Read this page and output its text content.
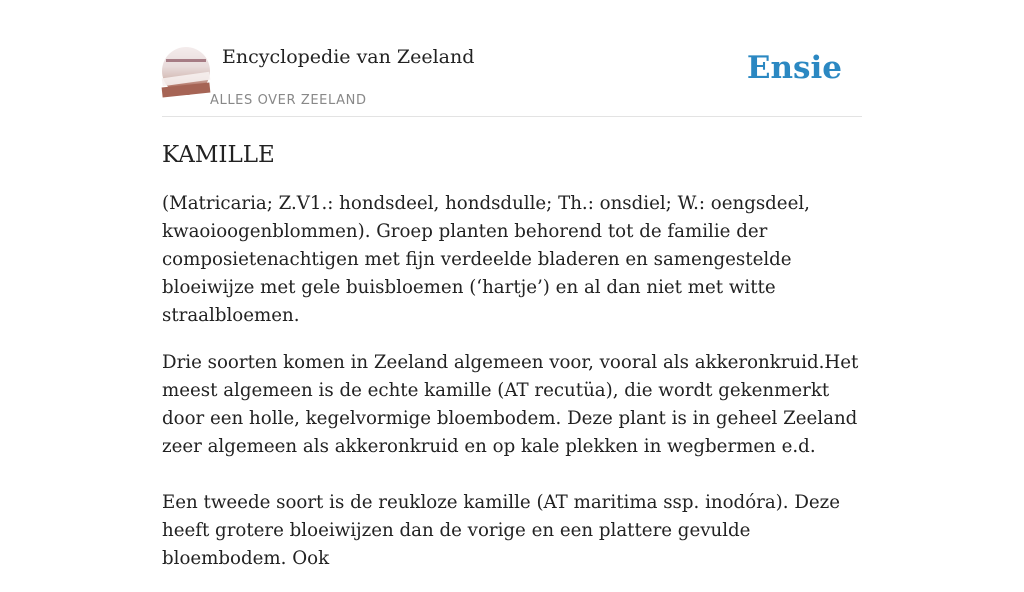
Encyclopedie van Zeeland
ALLES OVER ZEELAND
Ensie
KAMILLE

(Matricaria; Z.V1.: hondsdeel, hondsdulle; Th.: onsdiel; W.: oengsdeel, kwaoioogenblommen). Groep planten behorend tot de familie der composietenachtigen met fijn verdeelde bladeren en samengestelde bloeiwijze met gele buisbloemen (‘hartje’) en al dan niet met witte straalbloemen.

Drie soorten komen in Zeeland algemeen voor, vooral als akkeronkruid.Het meest algemeen is de echte kamille (AT recutüa), die wordt gekenmerkt door een holle, kegelvormige bloembodem. Deze plant is in geheel Zeeland zeer algemeen als akkeronkruid en op kale plekken in wegbermen e.d.

Een tweede soort is de reukloze kamille (AT maritima ssp. inodóra). Deze heeft grotere bloeiwijzen dan de vorige en een plattere gevulde bloembodem. Ook
